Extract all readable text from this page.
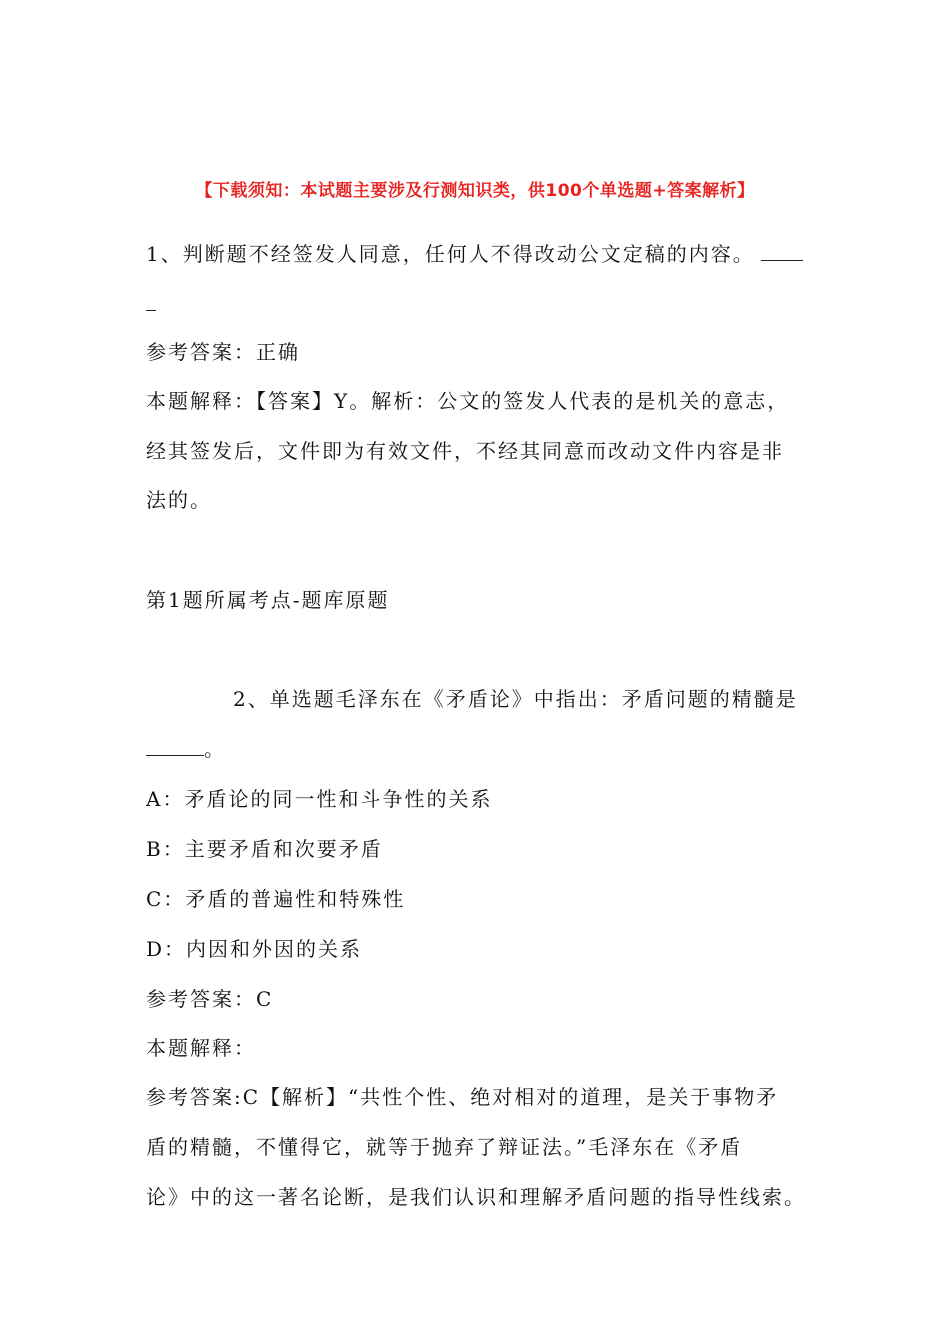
【下载须知：本试题主要涉及行测知识类，供100个单选题+答案解析】
1、判断题不经签发人同意，任何人不得改动公文定稿的内容。
参考答案：正确
本题解释：【答案】Y。解析：公文的签发人代表的是机关的意志，
经其签发后，文件即为有效文件，不经其同意而改动文件内容是非
法的。
第1题所属考点-题库原题
2、单选题毛泽东在《矛盾论》中指出：矛盾问题的精髓是
。
A：矛盾论的同一性和斗争性的关系
B：主要矛盾和次要矛盾
C：矛盾的普遍性和特殊性
D：内因和外因的关系
参考答案：C
本题解释：
参考答案:C【解析】“共性个性、绝对相对的道理，是关于事物矛
盾的精髓，不懂得它，就等于抛弃了辩证法。”毛泽东在《矛盾
论》中的这一著名论断，是我们认识和理解矛盾问题的指导性线索。
